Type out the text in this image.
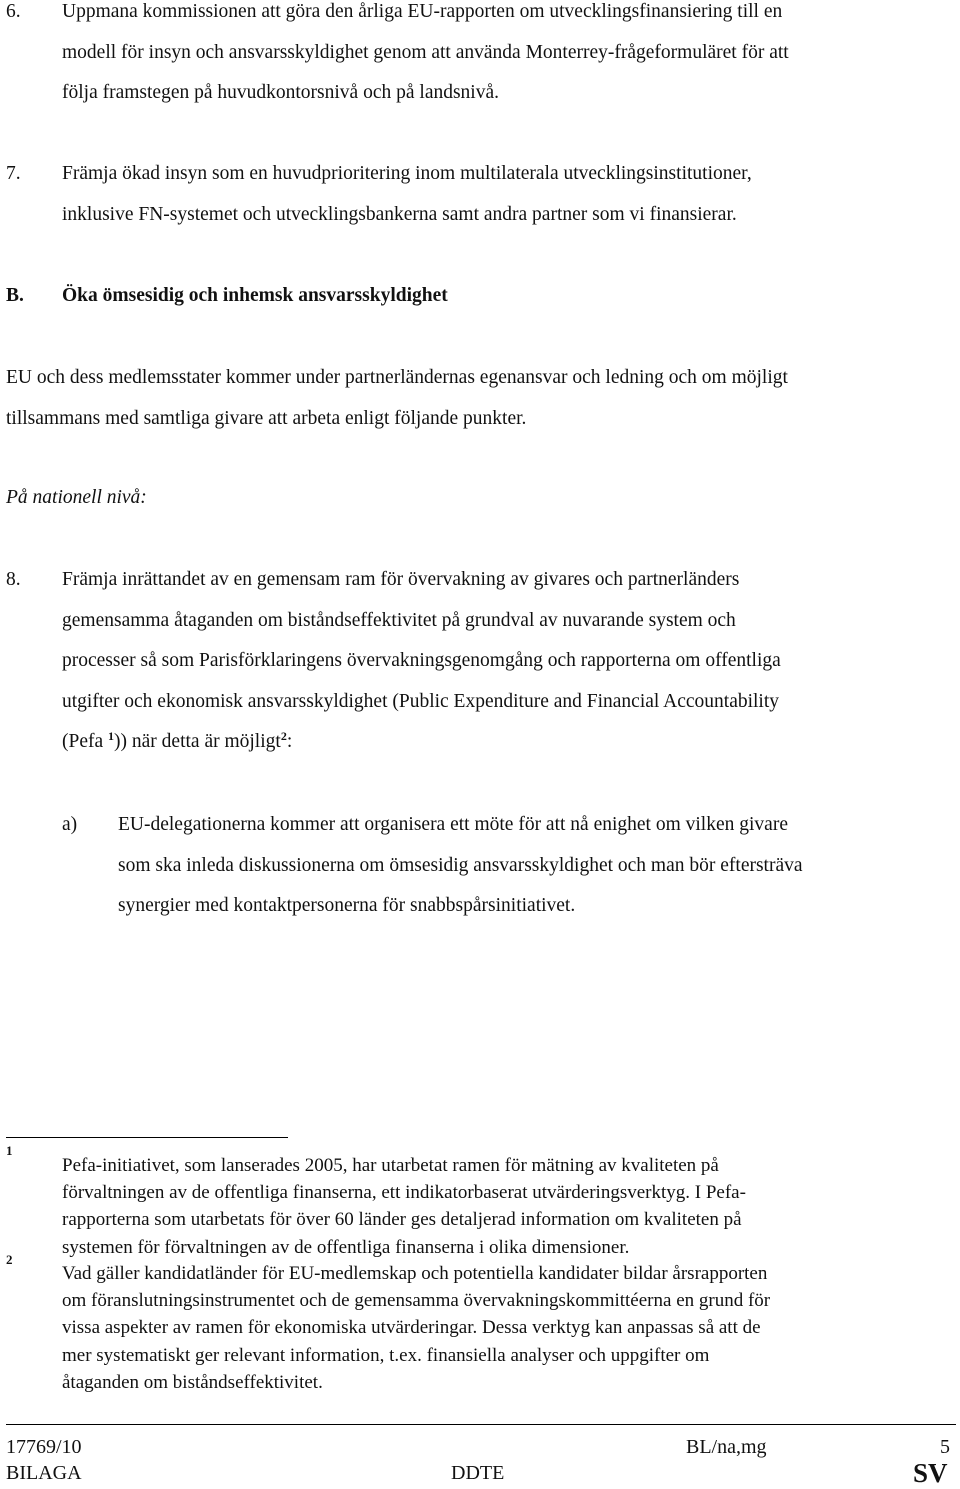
6. Uppmana kommissionen att göra den årliga EU-rapporten om utvecklingsfinansiering till en
modell för insyn och ansvarsskyldighet genom att använda Monterrey-frågeformuläret för att
följa framstegen på huvudkontorsnivå och på landsnivå.
7. Främja ökad insyn som en huvudprioritering inom multilaterala utvecklingsinstitutioner,
inklusive FN-systemet och utvecklingsbankerna samt andra partner som vi finansierar.
B. Öka ömsesidig och inhemsk ansvarsskyldighet
EU och dess medlemsstater kommer under partnerländernas egenansvar och ledning och om möjligt
tillsammans med samtliga givare att arbeta enligt följande punkter.
På nationell nivå:
8. Främja inrättandet av en gemensam ram för övervakning av givares och partnerländers
gemensamma åtaganden om biståndseffektivitet på grundval av nuvarande system och
processer så som Parisförklaringens övervakningsgenomgång och rapporterna om offentliga
utgifter och ekonomisk ansvarsskyldighet (Public Expenditure and Financial Accountability
(Pefa $^1$)) när detta är möjligt$^2$:
a) EU-delegationerna kommer att organisera ett möte för att nå enighet om vilken givare
som ska inleda diskussionerna om ömsesidig ansvarsskyldighet och man bör eftersträva
synergier med kontaktpersonerna för snabbspårsinitiativet.
1
Pefa-initiativet, som lanserades 2005, har utarbetat ramen för mätning av kvaliteten på
förvaltningen av de offentliga finanserna, ett indikatorbaserat utvärderingsverktyg. I Pefa-
rapporterna som utarbetats för över 60 länder ges detaljerad information om kvaliteten på
systemen för förvaltningen av de offentliga finanserna i olika dimensioner.
2
Vad gäller kandidatländer för EU-medlemskap och potentiella kandidater bildar årsrapporten
om föranslutningsinstrumentet och de gemensamma övervakningskommittéerna en grund för
vissa aspekter av ramen för ekonomiska utvärderingar. Dessa verktyg kan anpassas så att de
mer systematiskt ger relevant information, t.ex. finansiella analyser och uppgifter om
åtaganden om biståndseffektivitet.
17769/10	BL/na,mg	5
BILAGA	DDTE	SV
